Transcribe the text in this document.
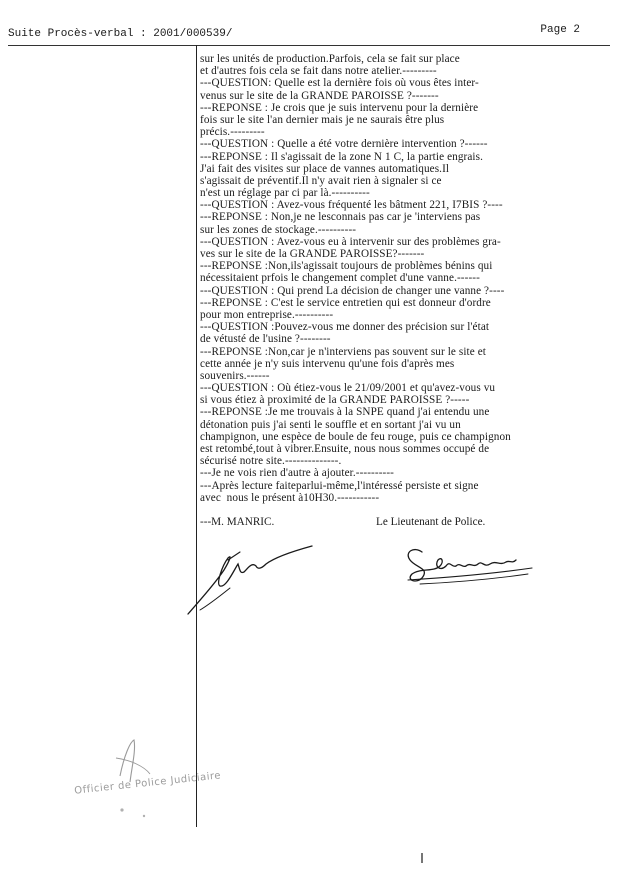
Suite Procès-verbal : 2001/000539/	Page 2
sur les unités de production.Parfois, cela se fait sur place
et d'autres fois cela se fait dans notre atelier.---------
---QUESTION: Quelle est la dernière fois où vous êtes inter-
venus sur le site de la GRANDE PAROISSE ?-------
---REPONSE : Je crois que je suis intervenu pour la dernière
fois sur le site l'an dernier mais je ne saurais être plus
précis.---------
---QUESTION : Quelle a été votre dernière intervention ?------
---REPONSE : Il s'agissait de la zone N 1 C, la partie engrais.
J'ai fait des visites sur place de vannes automatiques.Il
s'agissait de préventif.Il n'y avait rien à signaler si ce
n'est un réglage par ci par là.----------
---QUESTION : Avez-vous fréquenté les bâtment 221, I7BIS ?----
---REPONSE : Non,je ne lesconnais pas car je 'interviens pas
sur les zones de stockage.----------
---QUESTION : Avez-vous eu à intervenir sur des problèmes gra-
ves sur le site de la GRANDE PAROISSE?-------
---REPONSE :Non,ils'agissait toujours de problèmes bénins qui
nécessitaient prfois le changement complet d'une vanne.------
---QUESTION : Qui prend La décision de changer une vanne ?----
---REPONSE : C'est le service entretien qui est donneur d'ordre
pour mon entreprise.----------
---QUESTION :Pouvez-vous me donner des précision sur l'état
de vétusté de l'usine ?--------
---REPONSE :Non,car je n'interviens pas souvent sur le site et
cette année je n'y suis intervenu qu'une fois d'après mes
souvenirs.------
---QUESTION : Où étiez-vous le 21/09/2001 et qu'avez-vous vu
si vous étiez à proximité de la GRANDE PAROISSE ?-----
---REPONSE :Je me trouvais à la SNPE quand j'ai entendu une
détonation puis j'ai senti le souffle et en sortant j'ai vu un
champignon, une espèce de boule de feu rouge, puis ce champignon
est retombé,tout à vibrer.Ensuite, nous nous sommes occupé de
sécurisé notre site.--------------.
---Je ne vois rien d'autre à ajouter.----------
---Après lecture faiteparlui-même,l'intéressé persiste et signe
avec  nous le présent à10H30.-----------
---M. MANRIC.	Le Lieutenant de Police.
Officier de Police Judiciaire
